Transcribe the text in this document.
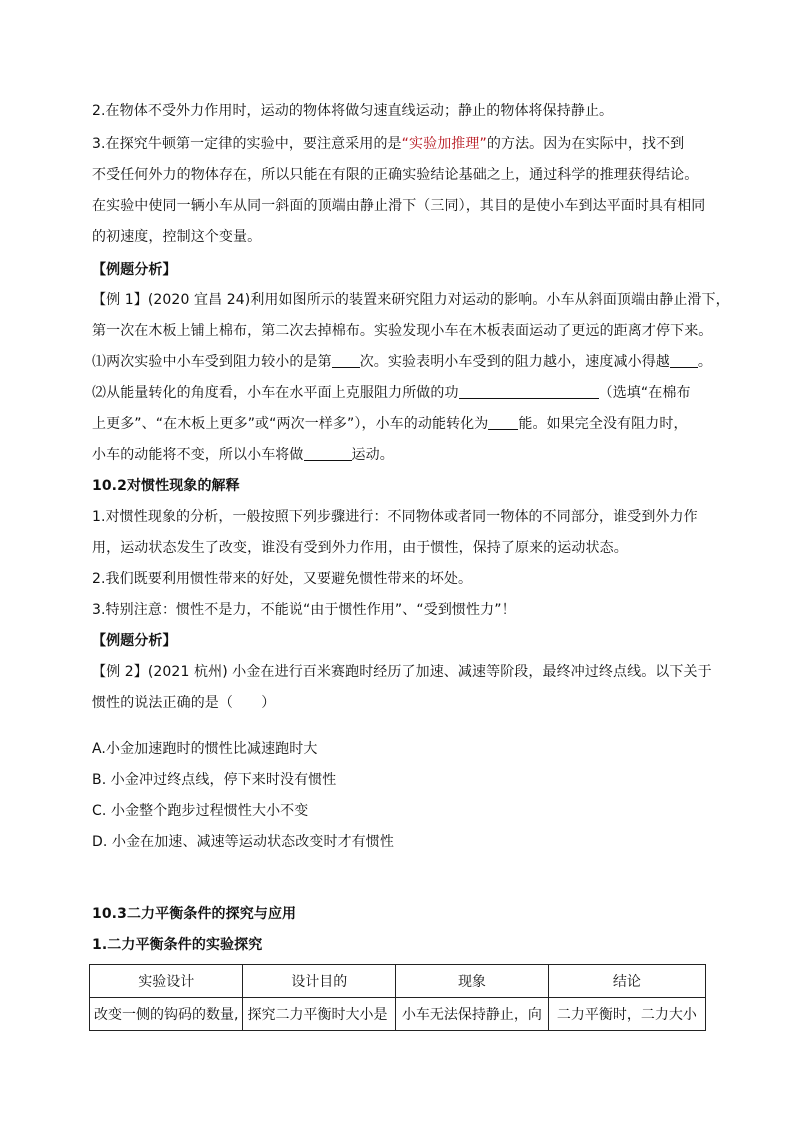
2.在物体不受外力作用时，运动的物体将做匀速直线运动；静止的物体将保持静止。
3.在探究牛顿第一定律的实验中，要注意采用的是“实验加推理”的方法。因为在实际中，找不到
不受任何外力的物体存在，所以只能在有限的正确实验结论基础之上，通过科学的推理获得结论。
在实验中使同一辆小车从同一斜面的顶端由静止滑下（三同），其目的是使小车到达平面时具有相同
的初速度，控制这个变量。
【例题分析】
【例 1】(2020 宜昌 24)利用如图所示的装置来研究阻力对运动的影响。小车从斜面顶端由静止滑下，
第一次在木板上铺上棉布，第二次去掉棉布。实验发现小车在木板表面运动了更远的距离才停下来。
⑴两次实验中小车受到阻力较小的是第 次。实验表明小车受到的阻力越小，速度减小得越 。
⑵从能量转化的角度看，小车在水平面上克服阻力所做的功	（选填“在棉布
上更多”、“在木板上更多”或“两次一样多”），小车的动能转化为 能。如果完全没有阻力时，
小车的动能将不变，所以小车将做	运动。
10.2对惯性现象的解释
1.对惯性现象的分析，一般按照下列步骤进行：不同物体或者同一物体的不同部分，谁受到外力作
用，运动状态发生了改变，谁没有受到外力作用，由于惯性，保持了原来的运动状态。
2.我们既要利用惯性带来的好处，又要避免惯性带来的坏处。
3.特别注意：惯性不是力，不能说“由于惯性作用”、“受到惯性力”！
【例题分析】
【例 2】(2021 杭州) 小金在进行百米赛跑时经历了加速、减速等阶段，最终冲过终点线。以下关于
惯性的说法正确的是（　　）
A.小金加速跑时的惯性比减速跑时大
B. 小金冲过终点线，停下来时没有惯性
C. 小金整个跑步过程惯性大小不变
D. 小金在加速、减速等运动状态改变时才有惯性
10.3二力平衡条件的探究与应用
1.二力平衡条件的实验探究
实验设计	设计目的	现象	结论
改变一侧的钩码的数量,	探究二力平衡时大小是	小车无法保持静止，向	二力平衡时，二力大小
